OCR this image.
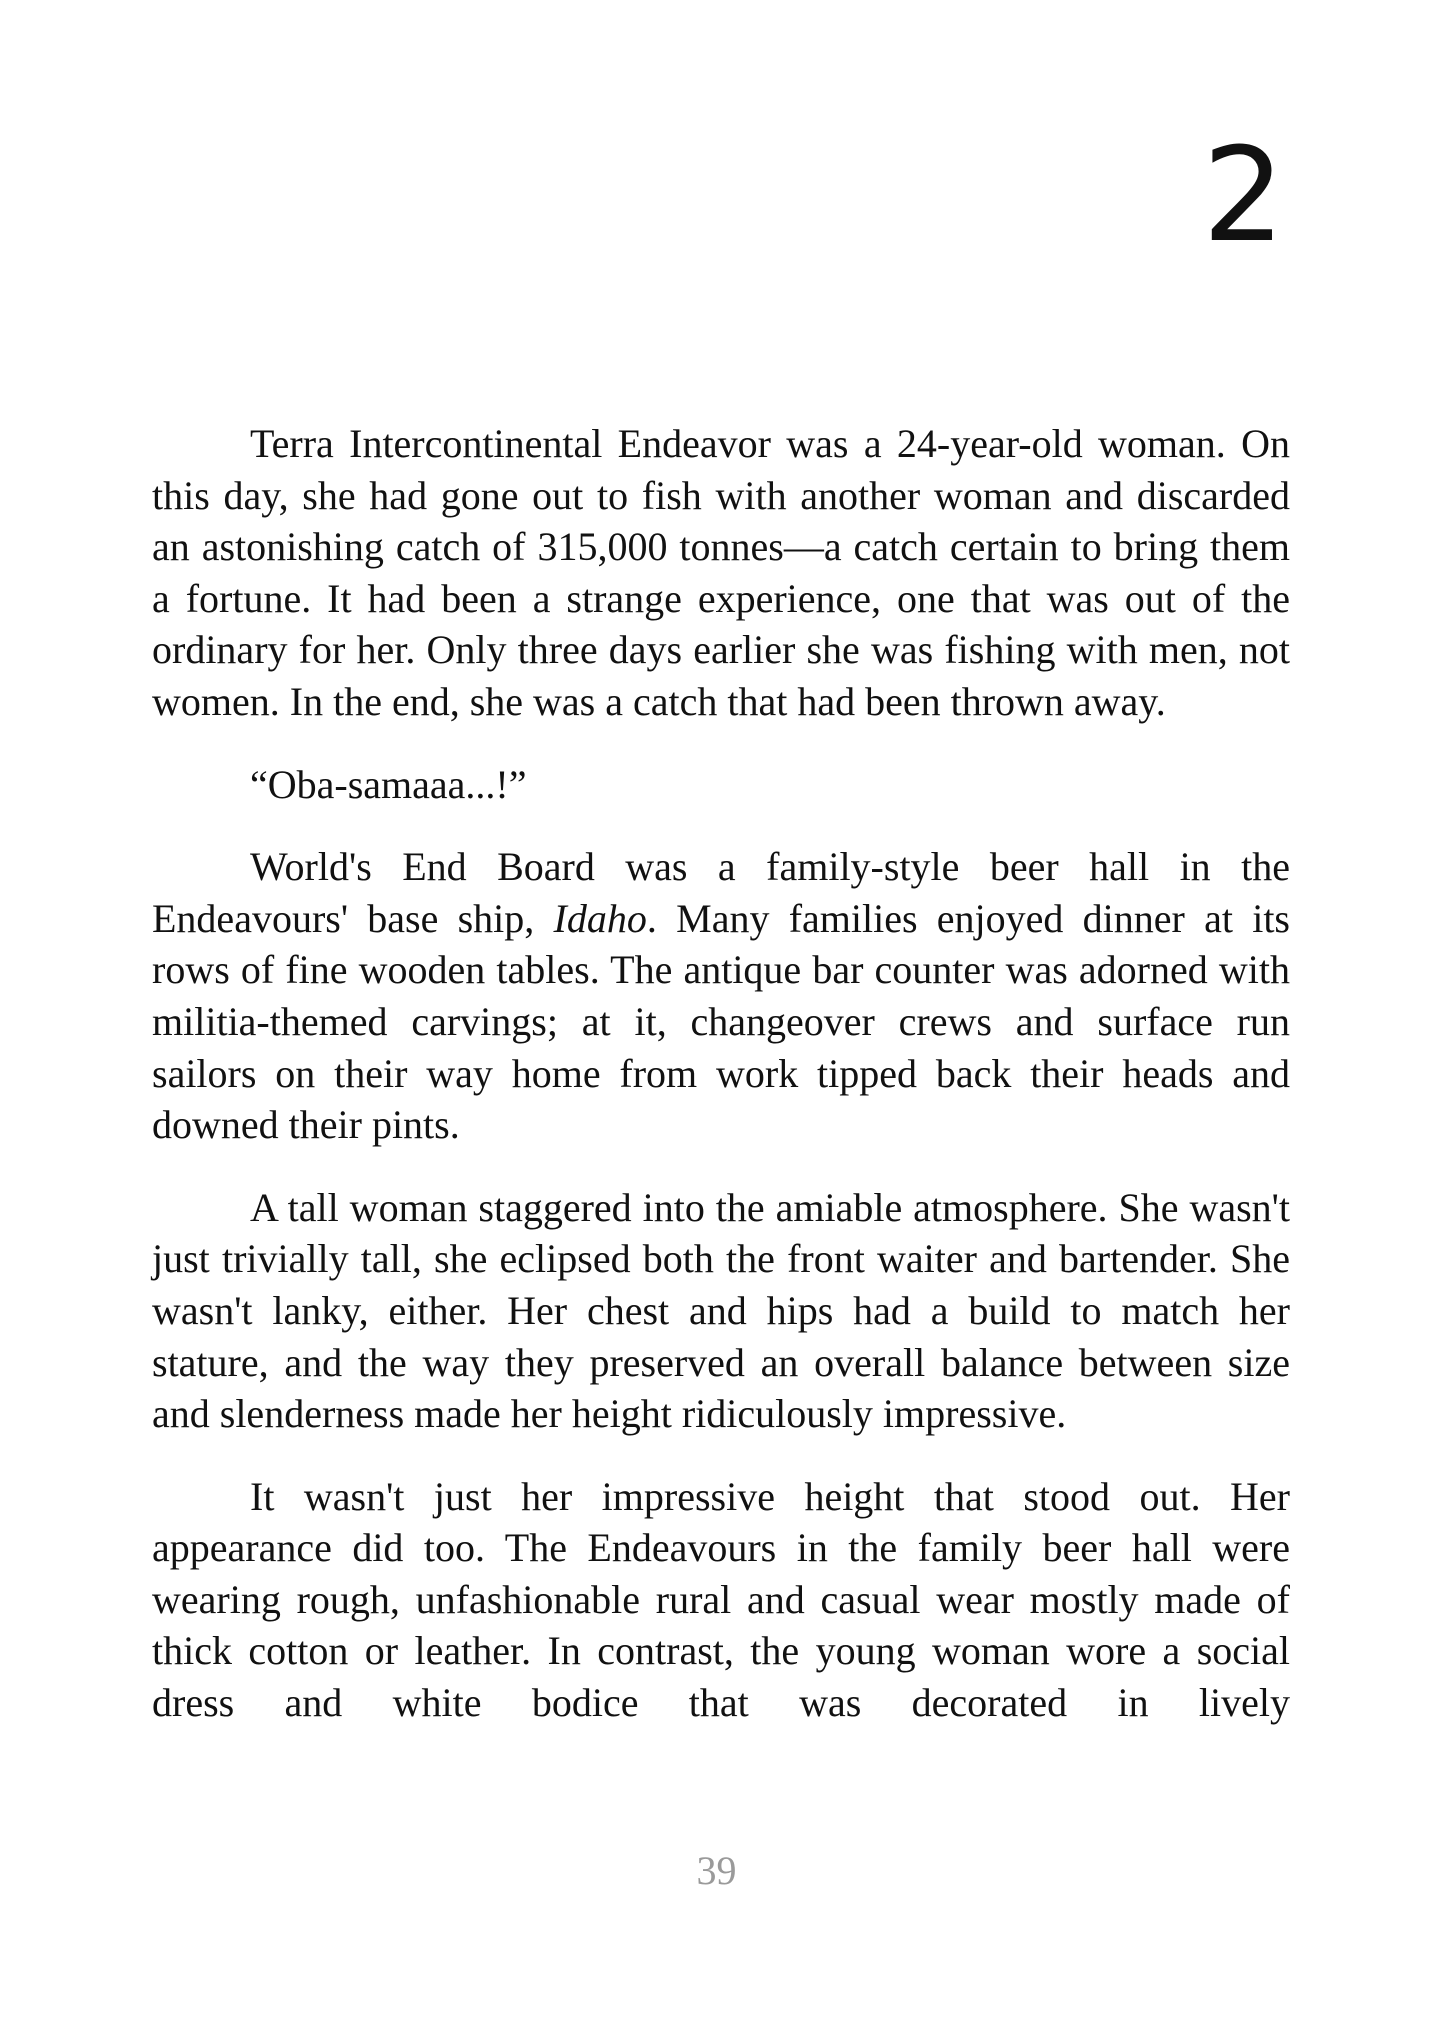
2

Terra Intercontinental Endeavor was a 24-year-old woman. On this day, she had gone out to fish with another woman and discarded an astonishing catch of 315,000 tonnes—a catch certain to bring them a fortune. It had been a strange experience, one that was out of the ordinary for her. Only three days earlier she was fishing with men, not women. In the end, she was a catch that had been thrown away.

“Oba-samaaa...!”

World's End Board was a family-style beer hall in the Endeavours' base ship, Idaho. Many families enjoyed dinner at its rows of fine wooden tables. The antique bar counter was adorned with militia-themed carvings; at it, changeover crews and surface run sailors on their way home from work tipped back their heads and downed their pints.

A tall woman staggered into the amiable atmosphere. She wasn't just trivially tall, she eclipsed both the front waiter and bartender. She wasn't lanky, either. Her chest and hips had a build to match her stature, and the way they preserved an overall balance between size and slenderness made her height ridiculously impressive.

It wasn't just her impressive height that stood out. Her appearance did too. The Endeavours in the family beer hall were wearing rough, unfashionable rural and casual wear mostly made of thick cotton or leather. In contrast, the young woman wore a social dress and white bodice that was decorated in lively

39
